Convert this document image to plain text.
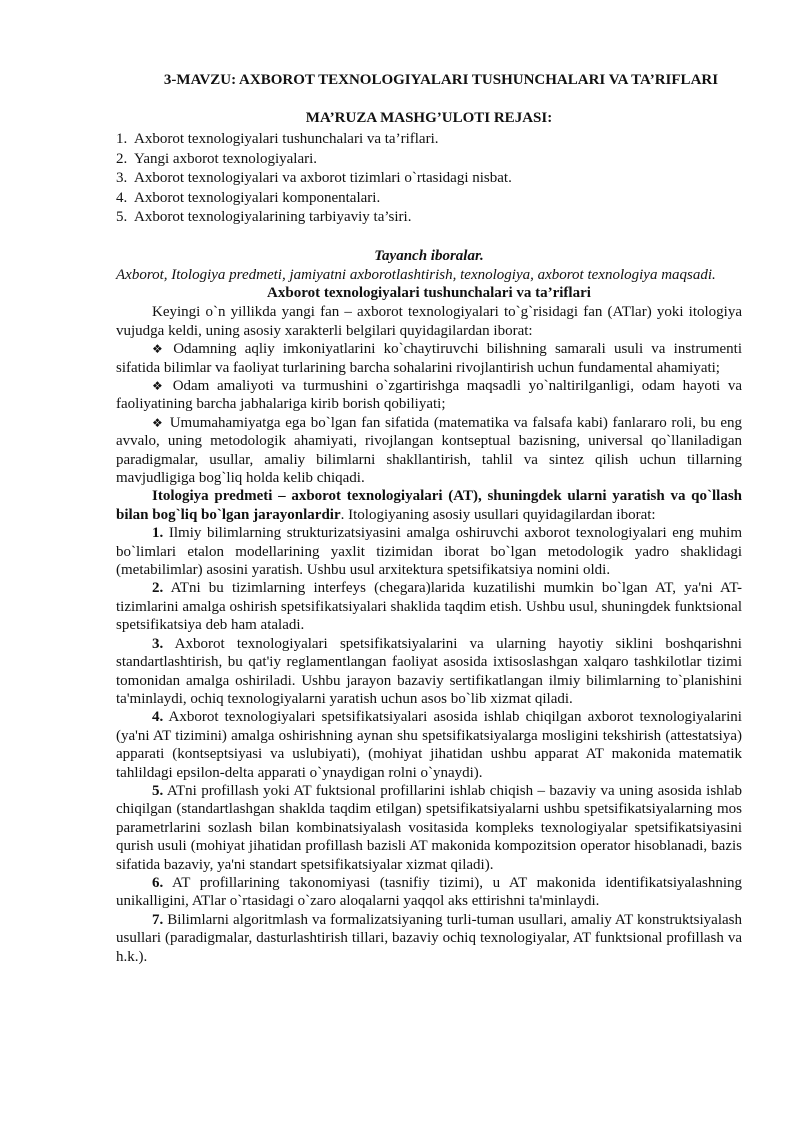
3-MAVZU: AXBOROT TEXNOLOGIYALARI TUSHUNCHALARI VA TA’RIFLARI

MA’RUZA MASHG’ULOTI REJASI:
1. Axborot texnologiyalari tushunchalari va ta’riflari.
2. Yangi axborot texnologiyalari.
3. Axborot texnologiyalari va axborot tizimlari o`rtasidagi nisbat.
4. Axborot texnologiyalari komponentalari.
5. Axborot texnologiyalarining tarbiyaviy ta’siri.
Tayanch iboralar.

Axborot, Itologiya predmeti, jamiyatni axborotlashtirish, texnologiya, axborot texnologiya maqsadi.

Axborot texnologiyalari tushunchalari va ta’riflari

Keyingi o`n yillikda yangi fan – axborot texnologiyalari to`g`risidagi fan (ATlar) yoki itologiya vujudga keldi, uning asosiy xarakterli belgilari quyidagilardan iborat:

❖ Odamning aqliy imkoniyatlarini ko`chaytiruvchi bilishning samarali usuli va instrumenti sifatida bilimlar va faoliyat turlarining barcha sohalarini rivojlantirish uchun fundamental ahamiyati;

❖ Odam amaliyoti va turmushini o`zgartirishga maqsadli yo`naltirilganligi, odam hayoti va faoliyatining barcha jabhalariga kirib borish qobiliyati;

❖ Umumahamiyatga ega bo`lgan fan sifatida (matematika va falsafa kabi) fanlararo roli, bu eng avvalo, uning metodologik ahamiyati, rivojlangan kontseptual bazisning, universal qo`llaniladigan paradigmalar, usullar, amaliy bilimlarni shakllantirish, tahlil va sintez qilish uchun tillarning mavjudligiga bog`liq holda kelib chiqadi.

Itologiya predmeti – axborot texnologiyalari (AT), shuningdek ularni yaratish va qo`llash bilan bog`liq bo`lgan jarayonlardir. Itologiyaning asosiy usullari quyidagilardan iborat:

1. Ilmiy bilimlarning strukturizatsiyasini amalga oshiruvchi axborot texnologiyalari eng muhim bo`limlari etalon modellarining yaxlit tizimidan iborat bo`lgan metodologik yadro shaklidagi (metabilimlar) asosini yaratish. Ushbu usul arxitektura spetsifikatsiya nomini oldi.

2. ATni bu tizimlarning interfeys (chegara)larida kuzatilishi mumkin bo`lgan AT, ya'ni AT-tizimlarini amalga oshirish spetsifikatsiyalari shaklida taqdim etish. Ushbu usul, shuningdek funktsional spetsifikatsiya deb ham ataladi.

3. Axborot texnologiyalari spetsifikatsiyalarini va ularning hayotiy siklini boshqarishni standartlashtirish, bu qat'iy reglamentlangan faoliyat asosida ixtisoslashgan xalqaro tashkilotlar tizimi tomonidan amalga oshiriladi. Ushbu jarayon bazaviy sertifikatlangan ilmiy bilimlarning to`planishini ta'minlaydi, ochiq texnologiyalarni yaratish uchun asos bo`lib xizmat qiladi.

4. Axborot texnologiyalari spetsifikatsiyalari asosida ishlab chiqilgan axborot texnologiyalarini (ya'ni AT tizimini) amalga oshirishning aynan shu spetsifikatsiyalarga mosligini tekshirish (attestatsiya) apparati (kontseptsiyasi va uslubiyati), (mohiyat jihatidan ushbu apparat AT makonida matematik tahlildagi epsilon-delta apparati o`ynaydigan rolni o`ynaydi).

5. ATni profillash yoki AT fuktsional profillarini ishlab chiqish – bazaviy va uning asosida ishlab chiqilgan (standartlashgan shaklda taqdim etilgan) spetsifikatsiyalarni ushbu spetsifikatsiyalarning mos parametrlarini sozlash bilan kombinatsiyalash vositasida kompleks texnologiyalar spetsifikatsiyasini qurish usuli (mohiyat jihatidan profillash bazisli AT makonida kompozitsion operator hisoblanadi, bazis sifatida bazaviy, ya'ni standart spetsifikatsiyalar xizmat qiladi).

6. AT profillarining takonomiyasi (tasnifiy tizimi), u AT makonida identifikatsiyalashning unikalligini, ATlar o`rtasidagi o`zaro aloqalarni yaqqol aks ettirishni ta'minlaydi.

7. Bilimlarni algoritmlash va formalizatsiyaning turli-tuman usullari, amaliy AT konstruktsiyalash usullari (paradigmalar, dasturlashtirish tillari, bazaviy ochiq texnologiyalar, AT funktsional profillash va h.k.).
